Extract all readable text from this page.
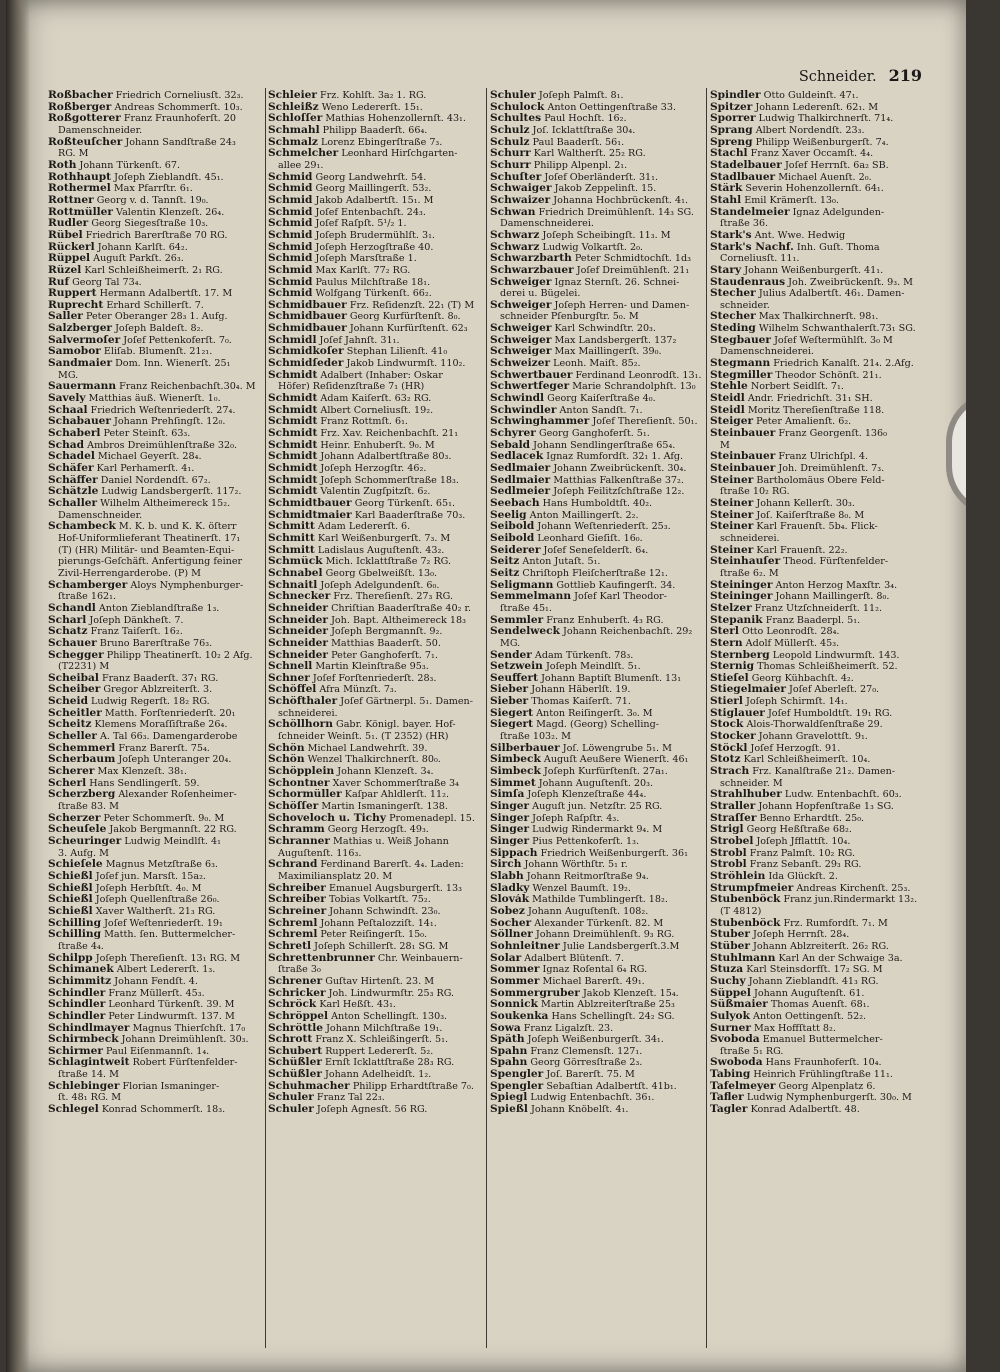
Schneider. 219
Roßbacher Friedrich Corneliusſt. 32₃.
Roßberger Andreas Schommerſt. 10₃.
Roßgotterer Franz Fraunhoferſt. 20
Damenschneider.
Roßteuſcher Johann Sandſtraße 24₃
RG. M
Roth Johann Türkenſt. 67.
Rothhaupt Joſeph Zieblandſt. 45₁.
Rothermel Max Pfarrſtr. 6₁.
Rottner Georg v. d. Tannſt. 19₀.
Rottmüller Valentin Klenzeſt. 26₄.
Rudler Georg Siegesſtraße 10₃.
Rübel Friedrich Barerſtraße 70 RG.
Rückerl Johann Karlſt. 64₂.
Rüppel Auguſt Parkſt. 26₃.
Rüzel Karl Schleißheimerſt. 2₁ RG.
Ruf Georg Tal 73₄.
Ruppert Hermann Adalbertſt. 17. M
Ruprecht Erhard Schillerſt. 7.
Saller Peter Oberanger 28₃ 1. Aufg.
Salzberger Joſeph Baldeſt. 8₂.
Salvermoſer Joſef Pettenkoferſt. 7₀.
Samobor Eliſab. Blumenſt. 21₂₁.
Sandmaier Dom. Inn. Wienerſt. 25₁
MG.
Sauermann Franz Reichenbachſt.30₄. M
Savely Matthias äuß. Wienerſt. 1₀.
Schaal Friedrich Weſtenriederſt. 27₄.
Schabauer Johann Prehſingſt. 12₀.
Schaberl Peter Steinſt. 63₃.
Schad Ambros Dreimühlenſtraße 32₀.
Schadel Michael Geyerſt. 28₄.
Schäfer Karl Perhamerſt. 4₁.
Schäffer Daniel Nordendſt. 67₂.
Schätzle Ludwig Landsbergerſt. 117₂.
Schaller Wilhelm Altheimereck 15₂.
Damenschneider.
Schambeck M. K. b. und K. K. öſterr
Hof-Uniformlieferant Theatinerſt. 17₁
(T) (HR) Militär- und Beamten-Equi-
pierungs-Geſchäft. Anfertigung feiner
Zivil-Herrengarderobe. (P) M
Schamberger Aloys Nymphenburger-
ſtraße 162₁.
Schandl Anton Zieblandſtraße 1₃.
Scharl Joſeph Dänkheſt. 7.
Schatz Franz Taiſerſt. 16₂.
Schauer Bruno Barerſtraße 76₃.
Schegger Philipp Theatinerſt. 10₂ 2 Afg.
(T2231) M
Scheibal Franz Baaderſt. 37₁ RG.
Scheiber Gregor Ablzreiterſt. 3.
Scheid Ludwig Regerſt. 18₂ RG.
Scheitler Matth. Forſtenriederſt. 20₁
Scheitz Klemens Moraſſiſtraße 26₄.
Scheller A. Tal 66₃. Damengarderobe
Schemmerl Franz Barerſt. 75₄.
Scherbaum Joſeph Unteranger 20₄.
Scherer Max Klenzeſt. 38₁.
Scherl Hans Sendlingerſt. 59.
Scherzberg Alexander Roſenheimer-
ſtraße 83. M
Scherzer Peter Schommerſt. 9₀. M
Scheuſele Jakob Bergmannſt. 22 RG.
Scheuringer Ludwig Meindlſt. 4₁
3. Aufg. M
Schieſele Magnus Metzſtraße 6₃.
Schießl Joſef jun. Marsſt. 15a₂.
Schießl Joſeph Herbſtſt. 4₀. M
Schießl Joſeph Quellenſtraße 26₀.
Schießl Xaver Waltherſt. 21₃ RG.
Schilling Joſef Weſtenriederſt. 19₁
Schilling Matth. ſen. Buttermelcher-
ſtraße 4₄.
Schilpp Joſeph Thereſienſt. 13₁ RG. M
Schimanek Albert Ledererſt. 1₃.
Schimmitz Johann Fendſt. 4.
Schindler Franz Müllerſt. 45₃.
Schindler Leonhard Türkenſt. 39. M
Schindler Peter Lindwurmſt. 137. M
Schindlmayer Magnus Thierſchſt. 17₀
Schirmbeck Johann Dreimühlenſt. 30₃.
Schirmer Paul Eiſenmannſt. 1₄.
Schlagintweit Robert Fürſtenfelder-
ſtraße 14. M
Schlebinger Florian Ismaninger-
ſt. 48₁ RG. M
Schlegel Konrad Schommerſt. 18₃.
Schleier Frz. Kohlſt. 3a₂ 1. RG.
Schleißz Weno Ledererſt. 15₁.
Schloſſer Mathias Hohenzollernſt. 43₁.
Schmahl Philipp Baaderſt. 66₄.
Schmalz Lorenz Ebingerſtraße 7₃.
Schmelcher Leonhard Hirſchgarten-
allee 29₁.
Schmid Georg Landwehrſt. 54.
Schmid Georg Maillingerſt. 53₂.
Schmid Jakob Adalbertſt. 15₁. M
Schmid Joſef Entenbachſt. 24₃.
Schmid Joſef Raſpſt. 5¹/₂ 1.
Schmid Joſeph Brudermühlſt. 3₁.
Schmid Joſeph Herzogſtraße 40.
Schmid Joſeph Marsſtraße 1.
Schmid Max Karlſt. 77₂ RG.
Schmid Paulus Milchſtraße 18₁.
Schmid Wolfgang Türkenſt. 66₂.
Schmidbauer Frz. Reſidenzſt. 22₁ (T) M
Schmidbauer Georg Kurfürſtenſt. 8₀.
Schmidbauer Johann Kurfürſtenſt. 62₃
Schmidl Joſef Jahnſt. 31₁.
Schmidkoſer Stephan Lilienſt. 41₀
Schmidſeder Jakob Lindwurmſt. 110₂.
Schmidt Adalbert (Inhaber: Oskar
Höfer) Reſidenzſtraße 7₁ (HR)
Schmidt Adam Kaiſerſt. 63₂ RG.
Schmidt Albert Corneliusſt. 19₂.
Schmidt Franz Rottmſt. 6₁.
Schmidt Frz. Xav. Reichenbachſt. 21₁
Schmidt Heinr. Enhuberſt. 9₀. M
Schmidt Johann Adalbertſtraße 80₃.
Schmidt Joſeph Herzogſtr. 46₂.
Schmidt Joſeph Schommerſtraße 18₃.
Schmidt Valentin Zugſpitzſt. 6₂.
Schmidtbauer Georg Türkenſt. 65₁.
Schmidtmaier Karl Baaderſtraße 70₃.
Schmitt Adam Ledererſt. 6.
Schmitt Karl Weißenburgerſt. 7₃. M
Schmitt Ladislaus Auguſtenſt. 43₂.
Schmück Mich. Icklattſtraße 7₂ RG.
Schnabel Georg Gbelweißſt. 13₀.
Schnaitl Joſeph Adelgundenſt. 6₀.
Schnecker Frz. Thereſienſt. 27₃ RG.
Schneider Chriſtian Baaderſtraße 40₂ r.
Schneider Joh. Bapt. Altheimereck 18₃
Schneider Joſeph Bergmannſt. 9₂.
Schneider Matthias Baaderſt. 50.
Schneider Peter Ganghoferſt. 7₁.
Schnell Martin Kleinſtraße 95₃.
Schner Joſef Forſtenriederſt. 28₃.
Schöffel Afra Münzſt. 7₃.
Schöfthaler Joſef Gärtnerpl. 5₁. Damen-
schneiderei.
Schöllhorn Gabr. Königl. bayer. Hof-
ſchneider Weinſt. 5₁. (T 2352) (HR)
Schön Michael Landwehrſt. 39.
Schön Wenzel Thalkirchnerſt. 80₀.
Schöpplein Johann Klenzeſt. 3₄.
Schontner Xaver Schommerſtraße 3₄
Schormüller Kaſpar Ahldlerſt. 11₂.
Schöſſer Martin Ismaningerſt. 138.
Schoveloch u. Tichy Promenadepl. 15.
Schramm Georg Herzogſt. 49₃.
Schranner Mathias u. Weiß Johann
Auguſtenſt. 116₃.
Schrand Ferdinand Barerſt. 4₄. Laden:
Maximiliansplatz 20. M
Schreiber Emanuel Augsburgerſt. 13₃
Schreiber Tobias Volkartſt. 75₂.
Schreiner Johann Schwindſt. 23₀.
Schreml Johann Peſtalozziſt. 14₁.
Schreml Peter Reiſingerſt. 15₀.
Schretl Joſeph Schillerſt. 28₁ SG. M
Schrettenbrunner Chr. Weinbauern-
ſtraße 3₀
Schrener Guſtav Hirtenſt. 23. M
Schricker Joh. Lindwurmſtr. 25₃ RG.
Schröck Karl Heßſt. 43₁.
Schröppel Anton Schellingſt. 130₃.
Schröttle Johann Milchſtraße 19₁.
Schrott Franz X. Schleißingerſt. 5₁.
Schubert Ruppert Ledererſt. 5₂.
Schüßler Ernſt Icklattſtraße 28₃ RG.
Schüßler Johann Adelheidſt. 1₂.
Schuhmacher Philipp Erhardtſtraße 7₀.
Schuler Franz Tal 22₃.
Schuler Joſeph Agnesſt. 56 RG.
Schuler Joſeph Palmſt. 8₁.
Schulock Anton Oettingenſtraße 33.
Schultes Paul Hochſt. 16₂.
Schulz Joſ. Icklattſtraße 30₄.
Schulz Paul Baaderſt. 56₁.
Schurr Karl Waltherſt. 25₂ RG.
Schurr Philipp Alpenpl. 2₁.
Schuſter Joſef Oberländerſt. 31₁.
Schwaiger Jakob Zeppelinſt. 15.
Schwaizer Johanna Hochbrückenſt. 4₁.
Schwan Friedrich Dreimühlenſt. 14₃ SG.
Damenschneiderei.
Schwarz Joſeph Scheibingſt. 11₃. M
Schwarz Ludwig Volkartſt. 2₀.
Schwarzbarth Peter Schmidtochſt. 1d₃
Schwarzbauer Joſef Dreimühlenſt. 21₁
Schweiger Ignaz Sternſt. 26. Schnei-
derei u. Bügelei.
Schweiger Joſeph Herren- und Damen-
schneider Pſenburgſtr. 5₀. M
Schweiger Karl Schwindſtr. 20₃.
Schweiger Max Landsbergerſt. 137₂
Schweiger Max Maillingerſt. 39₀.
Schweizer Leonh. Maiſt. 85₂.
Schwertbauer Ferdinand Leonrodſt. 13₁.
Schwertfeger Marie Schrandolphſt. 13₀
Schwindl Georg Kaiſerſtraße 4₀.
Schwindler Anton Sandſt. 7₁.
Schwinghammer Joſef Thereſienſt. 50₁.
Schyrer Georg Ganghoferſt. 5₁.
Sebald Johann Sendlingerſtraße 65₄.
Sedlacek Ignaz Rumfordſt. 32₁ 1. Afg.
Sedlmaier Johann Zweibrückenſt. 30₄.
Sedlmaier Matthias Falkenſtraße 37₂.
Sedlmeier Joſeph Feilitzſchſtraße 12₂.
Seebach Hans Humboldtſt. 40₂.
Seelig Anton Maillingerſt. 2₂.
Seibold Johann Weſtenriederſt. 25₃.
Seibold Leonhard Gieſiſt. 16₀.
Seiderer Joſef Seneſelderſt. 6₄.
Seitz Anton Jutaſt. 5₁.
Seitz Chriſtoph Fleiſcherſtraße 12₁.
Seligmann Gottlieb Kaufingerſt. 34.
Semmelmann Joſef Karl Theodor-
ſtraße 45₁.
Semmler Franz Enhuberſt. 4₃ RG.
Sendelweck Johann Reichenbachſt. 29₂
MG.
Sender Adam Türkenſt. 78₃.
Setzwein Joſeph Meindlſt. 5₁.
Seuffert Johann Baptiſt Blumenſt. 13₁
Sieber Johann Häberlſt. 19.
Sieber Thomas Kaiſerſt. 71.
Siegert Anton Reiſingerſt. 3₀. M
Siegert Magd. (Georg) Schelling-
ſtraße 103₂. M
Silberbauer Joſ. Löwengrube 5₁. M
Simbeck Auguſt Aeußere Wienerſt. 46₁
Simbeck Joſeph Kurfürſtenſt. 27a₁.
Simmet Johann Auguſtenſt. 20₃.
Simſa Joſeph Klenzeſtraße 44₄.
Singer Auguſt jun. Netzſtr. 25 RG.
Singer Joſeph Raſpſtr. 4₃.
Singer Ludwig Rindermarkt 9₄. M
Singer Pius Pettenkoferſt. 1₃.
Sippach Friedrich Weißenburgerſt. 36₁
Sirch Johann Wörthſtr. 5₁ r.
Slabh Johann Reitmorſtraße 9₄.
Sladky Wenzel Baumſt. 19₂.
Slovák Mathilde Tumblingerſt. 18₂.
Sobez Johann Auguſtenſt. 108₂.
Socher Alexander Türkenſt. 82. M
Söllner Johann Dreimühlenſt. 9₃ RG.
Sohnleitner Julie Landsbergerſt.3.M
Solar Adalbert Blütenſt. 7.
Sommer Ignaz Roſental 6₄ RG.
Sommer Michael Barerſt. 49₁.
Sommergruber Jakob Klenzeſt. 15₄.
Sonnick Martin Ablzreiterſtraße 25₃
Soukenka Hans Schellingſt. 24₂ SG.
Sowa Franz Ligalzſt. 23.
Späth Joſeph Weißenburgerſt. 34₁.
Spahn Franz Clemensſt. 127₁.
Spahn Georg Görresſtraße 2₃.
Spengler Joſ. Barerſt. 75. M
Spengler Sebaſtian Adalbertſt. 41b₁.
Spiegl Ludwig Entenbachſt. 36₁.
Spießl Johann Knöbelſt. 4₁.
Spindler Otto Guldeinſt. 47₁.
Spitzer Johann Lederenſt. 62₁. M
Sporrer Ludwig Thalkirchnerſt. 71₄.
Sprang Albert Nordendſt. 23₃.
Spreng Philipp Weißenburgerſt. 7₄.
Stachl Franz Xaver Occamſt. 4₄.
Stadelbauer Joſef Herrnſt. 6a₂ SB.
Stadlbauer Michael Auenſt. 2₀.
Stärk Severin Hohenzollernſt. 64₁.
Stahl Emil Krämerſt. 13₀.
Standelmeier Ignaz Adelgunden-
ſtraße 36.
Stark's Ant. Wwe. Hedwig
Stark's Nachf. Inh. Guſt. Thoma
Corneliusſt. 11₁.
Stary Johann Weißenburgerſt. 41₁.
Staudenraus Joh. Zweibrückenſt. 9₃. M
Stecher Julius Adalbertſt. 46₁. Damen-
schneider.
Stecher Max Thalkirchnerſt. 98₁.
Steding Wilhelm Schwanthalerſt.73₁ SG.
Stegbauer Joſef Weſtermühlſt. 3₀ M
Damenschneiderei.
Stegmann Friedrich Kanalſt. 21₄. 2.Afg.
Stegmiller Theodor Schönſt. 21₁.
Stehle Norbert Seidlſt. 7₁.
Steidl Andr. Friedrichſt. 31₁ SH.
Steidl Moritz Thereſienſtraße 118.
Steiger Peter Amalienſt. 6₂.
Steinbauer Franz Georgenſt. 136₀
M
Steinbauer Franz Ulrichſpl. 4.
Steinbauer Joh. Dreimühlenſt. 7₃.
Steiner Bartholomäus Obere Feld-
ſtraße 10₂ RG.
Steiner Johann Kellerſt. 30₃.
Steiner Joſ. Kaiſerſtraße 8₀. M
Steiner Karl Frauenſt. 5b₄. Flick-
schneiderei.
Steiner Karl Frauenſt. 22₂.
Steinhauſer Theod. Fürſtenfelder-
ſtraße 6₂. M
Steininger Anton Herzog Maxſtr. 3₄.
Steininger Johann Maillingerſt. 8₀.
Stelzer Franz Utzſchneiderſt. 11₂.
Stepanik Franz Baaderpl. 5₁.
Sterl Otto Leonrodſt. 28₄.
Stern Adolf Müllerſt. 45₃.
Sternberg Leopold Lindwurmſt. 143.
Sternig Thomas Schleißheimerſt. 52.
Stieſel Georg Kühbachſt. 4₂.
Stiegelmaier Joſef Aberleſt. 27₀.
Stierl Joſeph Schirmſt. 14₁.
Stiglauer Joſef Humboldtſt. 19₁ RG.
Stock Alois-Thorwaldſenſtraße 29.
Stocker Johann Gravelottſt. 9₁.
Stöckl Joſef Herzogſt. 91.
Stotz Karl Schleißheimerſt. 10₄.
Strach Frz. Kanalſtraße 21₂. Damen-
schneider. M
Strahlhuber Ludw. Entenbachſt. 60₃.
Straller Johann Hopfenſtraße 1₃ SG.
Straſſer Benno Erhardtſt. 25₀.
Strigl Georg Heßſtraße 68₂.
Strobel Joſeph Jfflattſt. 10₄.
Strobl Franz Palmſt. 10₂ RG.
Strobl Franz Sebanſt. 29₃ RG.
Ströhlein Ida Glückſt. 2.
Strumpfmeier Andreas Kirchenſt. 25₃.
Stubenböck Franz jun.Rindermarkt 13₂.
(T 4812)
Stubenböck Frz. Rumfordſt. 7₁. M
Stuber Joſeph Herrnſt. 28₄.
Stüber Johann Ablzreiterſt. 26₂ RG.
Stuhlmann Karl An der Schwaige 3a.
Stuza Karl Steinsdorfſt. 17₂ SG. M
Suchy Johann Zieblandſt. 41₃ RG.
Süppel Johann Auguſtenſt. 61.
Süßmaier Thomas Auenſt. 68₁.
Sulyok Anton Oettingenſt. 52₂.
Surner Max Hoffſtatt 8₂.
Svoboda Emanuel Buttermelcher-
ſtraße 5₁ RG.
Swoboda Hans Fraunhoferſt. 10₄.
Tabing Heinrich Frühlingſtraße 11₁.
Tafelmeyer Georg Alpenplatz 6.
Tafler Ludwig Nymphenburgerſt. 30₀. M
Tagler Konrad Adalbertſt. 48.
